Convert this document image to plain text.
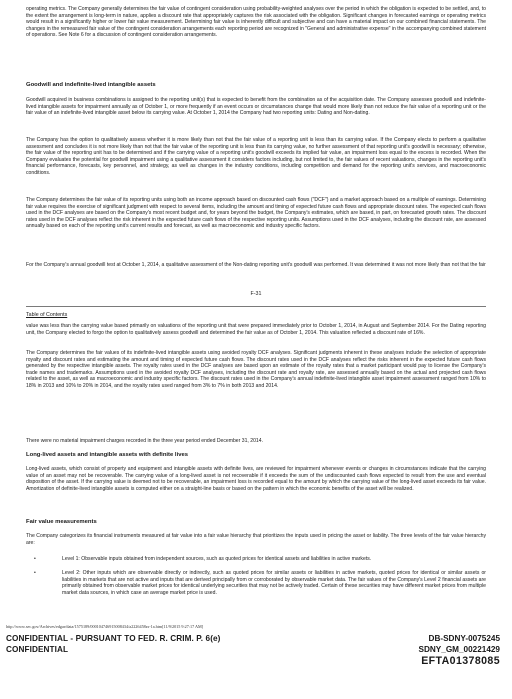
operating metrics. The Company generally determines the fair value of contingent consideration using probability-weighted analyses over the period in which the obligation is expected to be settled, and, to the extent the arrangement is long-term in nature, applies a discount rate that appropriately captures the risk associated with the obligation. Significant changes in forecasted earnings or operating metrics would result in a significantly higher or lower fair value measurement. Determining fair value is inherently difficult and subjective and can have a material impact on our combined financial statements. The changes in the remeasured fair value of the contingent consideration arrangements each reporting period are recognized in "General and administrative expense" in the accompanying combined statement of operations. See Note 6 for a discussion of contingent consideration arrangements.

Goodwill and indefinite-lived intangible assets

Goodwill acquired in business combinations is assigned to the reporting unit(s) that is expected to benefit from the combination as of the acquisition date. The Company assesses goodwill and indefinite-lived intangible assets for impairment annually as of October 1, or more frequently if an event occurs or circumstances change that would more likely than not reduce the fair value of a reporting unit or the fair value of an indefinite-lived intangible asset below its carrying value. At October 1, 2014 the Company had two reporting units: Dating and Non-dating.

The Company has the option to qualitatively assess whether it is more likely than not that the fair value of a reporting unit is less than its carrying value. If the Company elects to perform a qualitative assessment and concludes it is not more likely than not that the fair value of the reporting unit is less than its carrying value, no further assessment of that reporting unit's goodwill is necessary; otherwise, the fair value of the reporting unit has to be determined and if the carrying value of a reporting unit's goodwill exceeds its implied fair value, an impairment loss equal to the excess is recorded. When the Company evaluates the potential for goodwill impairment using a qualitative assessment it considers factors including, but not limited to, the fair values of recent valuations, changes in the reporting unit's financial performance, forecasts, key personnel, and strategy, as well as changes in the industry conditions, including competition and demand for the reporting unit's services, and macroeconomic conditions.

The Company determines the fair value of its reporting units using both an income approach based on discounted cash flows ("DCF") and a market approach based on a multiple of earnings. Determining fair value requires the exercise of significant judgment with respect to several items, including the amount and timing of expected future cash flows and appropriate discount rates. The expected cash flows used in the DCF analyses are based on the Company's most recent budget and, for years beyond the budget, the Company's estimates, which are based, in part, on forecasted growth rates. The discount rates used in the DCF analyses reflect the risk inherent in the expected future cash flows of the respective reporting units. Assumptions used in the DCF analyses, including the discount rate, are assessed annually based on each of the reporting unit's current results and forecast, as well as macroeconomic and industry specific factors.

For the Company's annual goodwill test at October 1, 2014, a qualitative assessment of the Non-dating reporting unit's goodwill was performed. It was determined it was not more likely than not that the fair

F-31
Table of Contents

value was less than the carrying value based primarily on valuations of the reporting unit that were prepared immediately prior to October 1, 2014, in August and September 2014. For the Dating reporting unit, the Company elected to forgo the option to qualitatively assess goodwill and determined the fair value as of October 1, 2014. This valuation reflected a discount rate of 16%.

The Company determines the fair values of its indefinite-lived intangible assets using avoided royalty DCF analyses. Significant judgments inherent in these analyses include the selection of appropriate royalty and discount rates and estimating the amount and timing of expected future cash flows. The discount rates used in the DCF analyses reflect the risks inherent in the expected future cash flows generated by the respective intangible assets. The royalty rates used in the DCF analyses are based upon an estimate of the royalty rates that a market participant would pay to license the Company's trade names and trademarks. Assumptions used in the avoided royalty DCF analyses, including the discount rate and royalty rate, are assessed annually based on the actual and projected cash flows related to the asset, as well as macroeconomic and industry specific factors. The discount rates used in the Company's annual indefinite-lived intangible asset impairment assessment ranged from 10% to 18% in 2013 and 10% to 20% in 2014, and the royalty rates used ranged from 3% to 7% in both 2013 and 2014.

There were no material impairment charges recorded in the three year period ended December 31, 2014.

Long-lived assets and intangible assets with definite lives

Long-lived assets, which consist of property and equipment and intangible assets with definite lives, are reviewed for impairment whenever events or changes in circumstances indicate that the carrying value of an asset may not be recoverable. The carrying value of a long-lived asset is not recoverable if it exceeds the sum of the undiscounted cash flows expected to result from the use and eventual disposition of the asset. If the carrying value is deemed not to be recoverable, an impairment loss is recorded equal to the amount by which the carrying value of the long-lived asset exceeds its fair value. Amortization of definite-lived intangible assets is computed either on a straight-line basis or based on the pattern in which the economic benefits of the asset will be realized.

Fair value measurements

The Company categorizes its financial instruments measured at fair value into a fair value hierarchy that prioritizes the inputs used in pricing the asset or liability. The three levels of the fair value hierarchy are:

•	Level 1: Observable inputs obtained from independent sources, such as quoted prices for identical assets and liabilities in active markets.
•	Level 2: Other inputs which are observable directly or indirectly, such as quoted prices for similar assets or liabilities in active markets, quoted prices for identical or similar assets or liabilities in markets that are not active and inputs that are derived principally from or corroborated by observable market data. The fair values of the Company's Level 2 financial assets are primarily obtained from observable market prices for identical underlying securities that may not be actively traded. Certain of these securities may have different market prices from multiple market data sources, in which case an average market price is used.
http://www.sec.gov/Archives/edgar/data/1575189/000104746915008434/a2226458zs-1a.htm[11/9/2015 9:27:17 AM]
CONFIDENTIAL - PURSUANT TO FED. R. CRIM. P. 6(e)
CONFIDENTIAL
DB-SDNY-0075245
SDNY_GM_00221429
EFTA01378085
